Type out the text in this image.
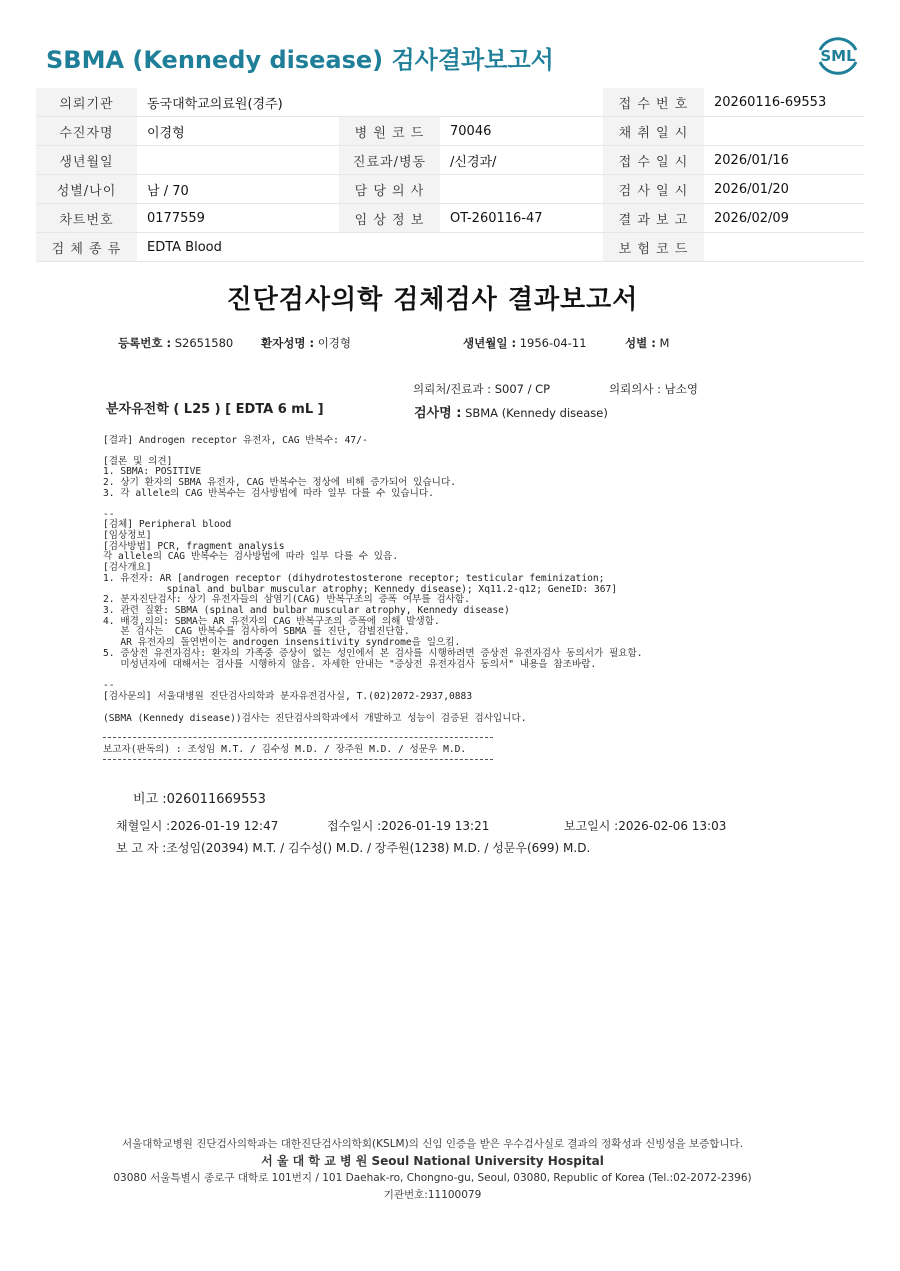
SBMA (Kennedy disease) 검사결과보고서	SML
의뢰기관	동국대학교의료원(경주)			접 수 번 호	20260116-69553
수진자명	이경형	병 원 코 드	70046	채 취 일 시	
생년월일		진료과/병동	/신경과/	접 수 일 시	2026/01/16
성별/나이	남 / 70	담 당 의 사		검 사 일 시	2026/01/20
차트번호	0177559	임 상 정 보	OT-260116-47	결 과 보 고	2026/02/09
검 체 종 류	EDTA Blood			보 험 코 드	
진단검사의학 검체검사 결과보고서
등록번호 : S2651580 환자성명 : 이경형	생년월일 : 1956-04-11	성별 : M
의뢰처/진료과 : S007 / CP	의뢰의사 : 남소영
분자유전학 ( L25 ) [ EDTA 6 mL ]	검사명 : SBMA (Kennedy disease)
[결과] Androgen receptor 유전자, CAG 반복수: 47/-
[결론 및 의견]
1. SBMA: POSITIVE
2. 상기 환자의 SBMA 유전자, CAG 반복수는 정상에 비해 증가되어 있습니다.
3. 각 allele의 CAG 반복수는 검사방법에 따라 일부 다를 수 있습니다.
--
[검체] Peripheral blood
[임상정보]
[검사방법] PCR, fragment analysis
각 allele의 CAG 반복수는 검사방법에 따라 일부 다를 수 있음.
[검사개요]
1. 유전자: AR [androgen receptor (dihydrotestosterone receptor; testicular feminization;
spinal and bulbar muscular atrophy; Kennedy disease); Xq11.2-q12; GeneID: 367]
2. 분자진단검사: 상기 유전자들의 삼염기(CAG) 반복구조의 증폭 여부를 검사함.
3. 관련 질환: SBMA (spinal and bulbar muscular atrophy, Kennedy disease)
4. 배경,의의: SBMA는 AR 유전자의 CAG 반복구조의 증폭에 의해 발생함.
본 검사는  CAG 반복수를 검사하여 SBMA 를 진단, 감별진단함.
AR 유전자의 돌연변이는 androgen insensitivity syndrome을 일으킴.
5. 증상전 유전자검사: 환자의 가족중 증상이 없는 성인에서 본 검사를 시행하려면 증상전 유전자검사 동의서가 필요함.
미성년자에 대해서는 검사를 시행하지 않음. 자세한 안내는 "증상전 유전자검사 동의서" 내용을 참조바람.
--
[검사문의] 서울대병원 진단검사의학과 분자유전검사실, T.(02)2072-2937,0883
(SBMA (Kennedy disease))검사는 진단검사의학과에서 개발하고 성능이 검증된 검사입니다.
보고자(판독의) : 조성임 M.T. / 김수성 M.D. / 장주원 M.D. / 성문우 M.D.
비고 :026011669553
채혈일시 :2026-01-19 12:47	접수일시 :2026-01-19 13:21	보고일시 :2026-02-06 13:03
보 고 자 :조성임(20394) M.T. / 김수성() M.D. / 장주원(1238) M.D. / 성문우(699) M.D.
서울대학교병원 진단검사의학과는 대한진단검사의학회(KSLM)의 신임 인증을 받은 우수검사실로 결과의 정확성과 신빙성을 보증합니다.
서 울 대 학 교 병 원 Seoul National University Hospital
03080 서울특별시 종로구 대학로 101번지 / 101 Daehak-ro, Chongno-gu, Seoul, 03080, Republic of Korea (Tel.:02-2072-2396)
기관번호:11100079
